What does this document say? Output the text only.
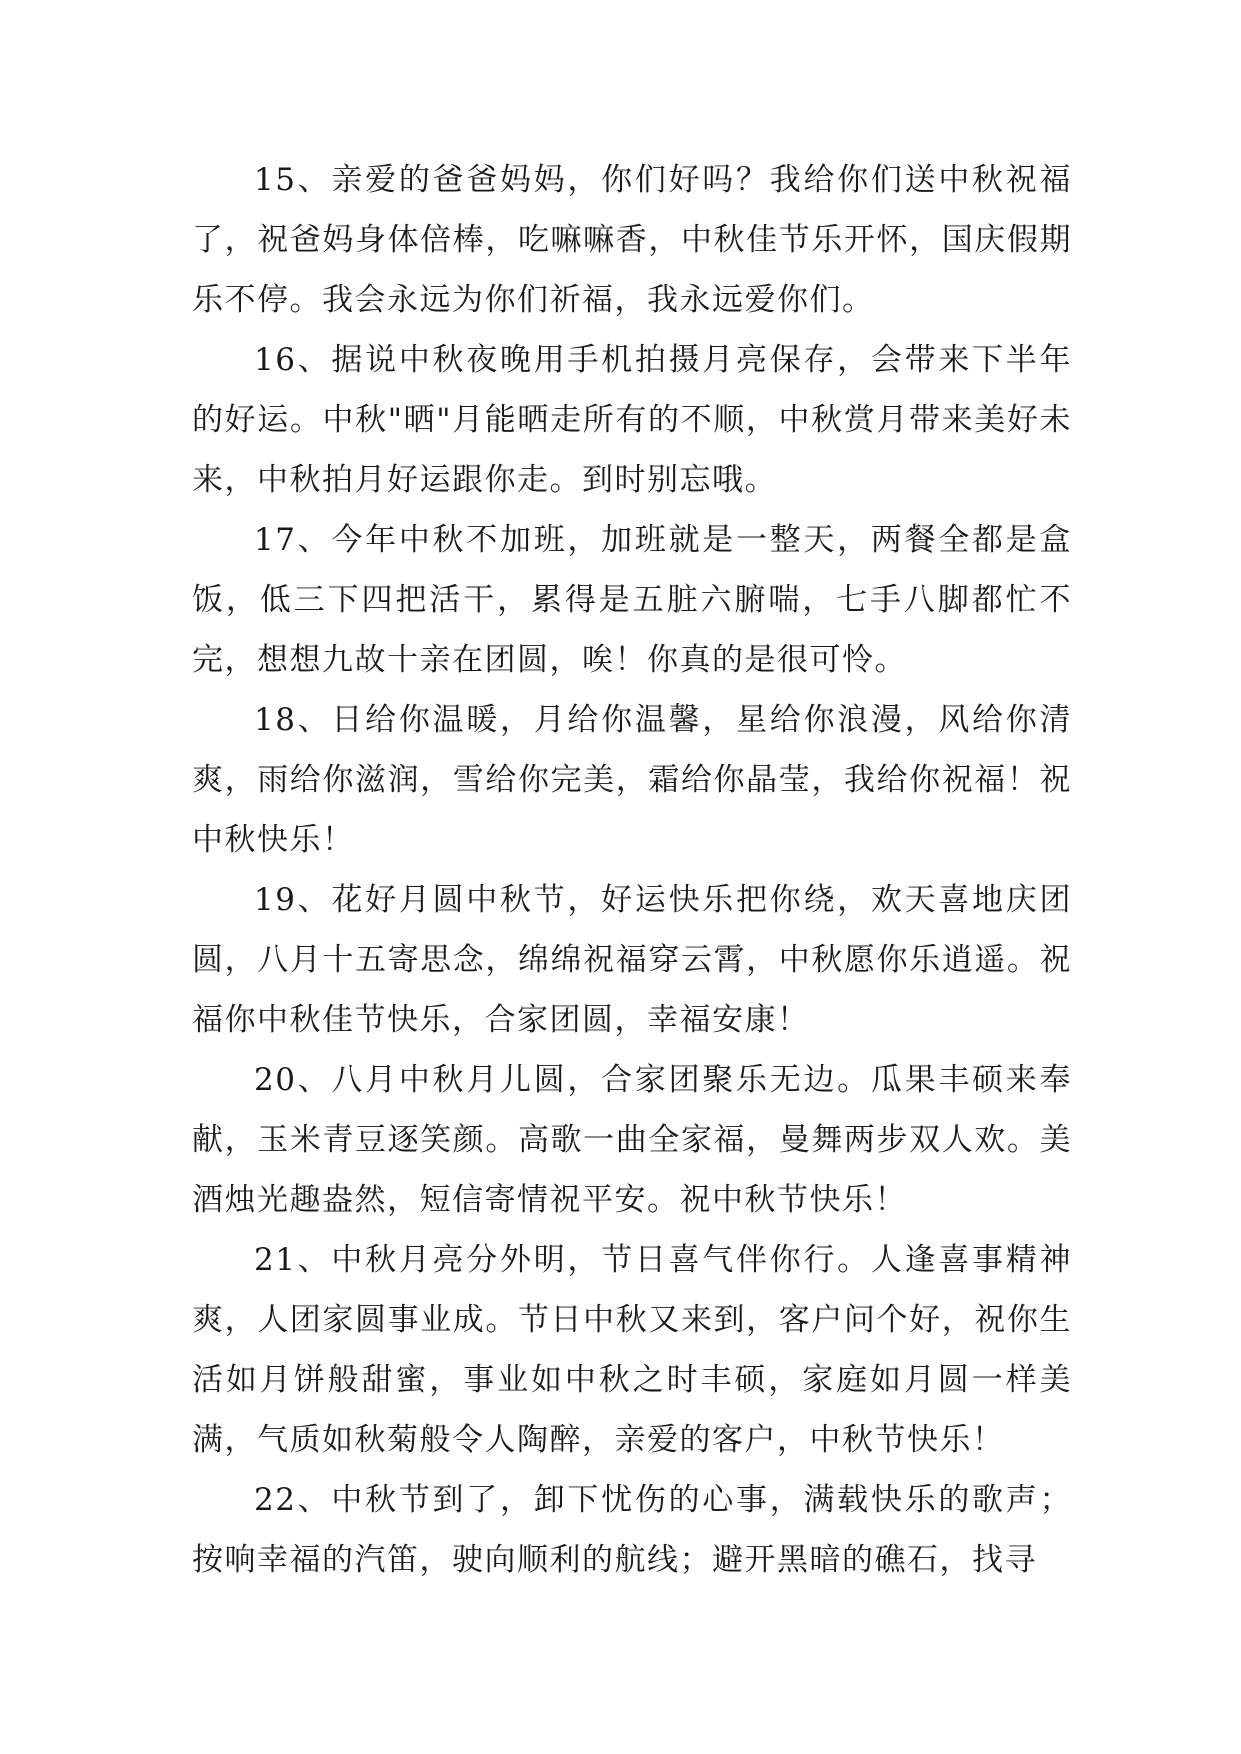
15、亲爱的爸爸妈妈，你们好吗？我给你们送中秋祝福了，祝爸妈身体倍棒，吃嘛嘛香，中秋佳节乐开怀，国庆假期乐不停。我会永远为你们祈福，我永远爱你们。

16、据说中秋夜晚用手机拍摄月亮保存，会带来下半年的好运。中秋"晒"月能晒走所有的不顺，中秋赏月带来美好未来，中秋拍月好运跟你走。到时别忘哦。

17、今年中秋不加班，加班就是一整天，两餐全都是盒饭，低三下四把活干，累得是五脏六腑喘，七手八脚都忙不完，想想九故十亲在团圆，唉！你真的是很可怜。

18、日给你温暖，月给你温馨，星给你浪漫，风给你清爽，雨给你滋润，雪给你完美，霜给你晶莹，我给你祝福！祝中秋快乐！

19、花好月圆中秋节，好运快乐把你绕，欢天喜地庆团圆，八月十五寄思念，绵绵祝福穿云霄，中秋愿你乐逍遥。祝福你中秋佳节快乐，合家团圆，幸福安康！

20、八月中秋月儿圆，合家团聚乐无边。瓜果丰硕来奉献，玉米青豆逐笑颜。高歌一曲全家福，曼舞两步双人欢。美酒烛光趣盎然，短信寄情祝平安。祝中秋节快乐！

21、中秋月亮分外明，节日喜气伴你行。人逢喜事精神爽，人团家圆事业成。节日中秋又来到，客户问个好，祝你生活如月饼般甜蜜，事业如中秋之时丰硕，家庭如月圆一样美满，气质如秋菊般令人陶醉，亲爱的客户，中秋节快乐！

22、中秋节到了，卸下忧伤的心事，满载快乐的歌声；按响幸福的汽笛，驶向顺利的航线；避开黑暗的礁石，找寻
